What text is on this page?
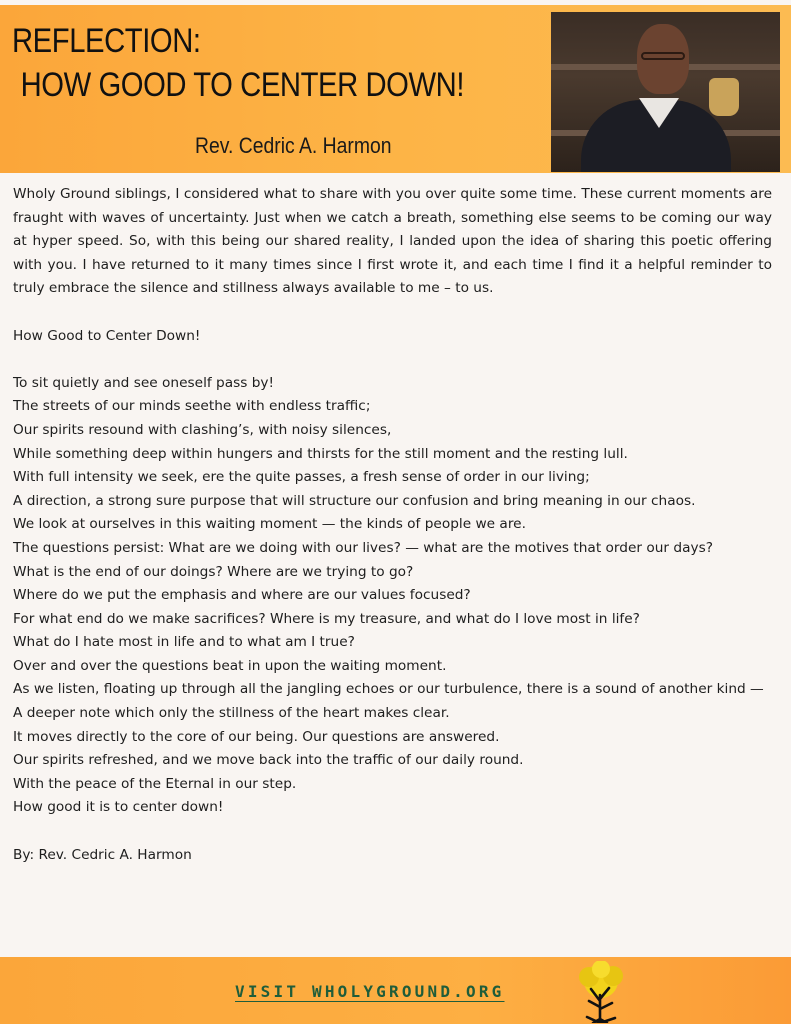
REFLECTION:
HOW GOOD TO CENTER DOWN!
Rev. Cedric A. Harmon

Wholy Ground siblings, I considered what to share with you over quite some time. These current moments are fraught with waves of uncertainty. Just when we catch a breath, something else seems to be coming our way at hyper speed. So, with this being our shared reality, I landed upon the idea of sharing this poetic offering with you. I have returned to it many times since I first wrote it, and each time I find it a helpful reminder to truly embrace the silence and stillness always available to me – to us.

How Good to Center Down!

To sit quietly and see oneself pass by!
The streets of our minds seethe with endless traffic;
Our spirits resound with clashing’s, with noisy silences,
While something deep within hungers and thirsts for the still moment and the resting lull.
With full intensity we seek, ere the quite passes, a fresh sense of order in our living;
A direction, a strong sure purpose that will structure our confusion and bring meaning in our chaos.
We look at ourselves in this waiting moment — the kinds of people we are.
The questions persist: What are we doing with our lives? — what are the motives that order our days?
What is the end of our doings? Where are we trying to go?
Where do we put the emphasis and where are our values focused?
For what end do we make sacrifices? Where is my treasure, and what do I love most in life?
What do I hate most in life and to what am I true?
Over and over the questions beat in upon the waiting moment.
As we listen, floating up through all the jangling echoes or our turbulence, there is a sound of another kind —
A deeper note which only the stillness of the heart makes clear.
It moves directly to the core of our being. Our questions are answered.
Our spirits refreshed, and we move back into the traffic of our daily round.
With the peace of the Eternal in our step.
How good it is to center down!

By: Rev. Cedric A. Harmon

VISIT WHOLYGROUND.ORG
